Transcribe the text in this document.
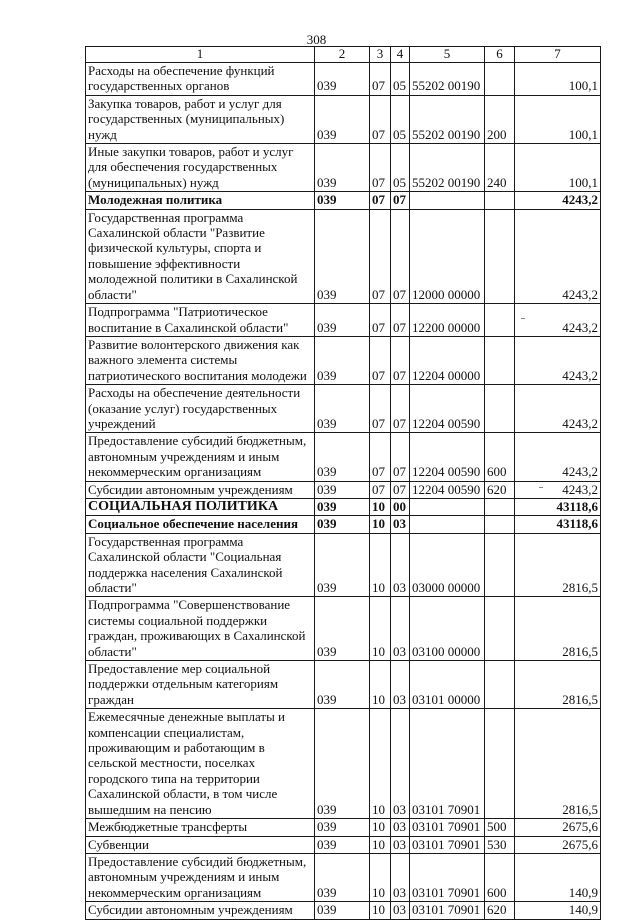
308
1	2	3	4	5	6	7
Расходы на обеспечение функций государственных органов	039	07	05	55202 00190		100,1
Закупка товаров, работ и услуг для государственных (муниципальных) нужд	039	07	05	55202 00190	200	100,1
Иные закупки товаров, работ и услуг для обеспечения государственных (муниципальных) нужд	039	07	05	55202 00190	240	100,1
Молодежная политика	039	07	07			4243,2
Государственная программа Сахалинской области "Развитие физической культуры, спорта и повышение эффективности молодежной политики в Сахалинской области"	039	07	07	12000 00000		4243,2
Подпрограмма "Патриотическое воспитание в Сахалинской области"	039	07	07	12200 00000		4243,2
Развитие волонтерского движения как важного элемента системы патриотического воспитания молодежи	039	07	07	12204 00000		4243,2
Расходы на обеспечение деятельности (оказание услуг) государственных учреждений	039	07	07	12204 00590		4243,2
Предоставление субсидий бюджетным, автономным учреждениям и иным некоммерческим организациям	039	07	07	12204 00590	600	4243,2
Субсидии автономным учреждениям	039	07	07	12204 00590	620	4243,2
СОЦИАЛЬНАЯ ПОЛИТИКА	039	10	00			43118,6
Социальное обеспечение населения	039	10	03			43118,6
Государственная программа Сахалинской области "Социальная поддержка населения Сахалинской области"	039	10	03	03000 00000		2816,5
Подпрограмма "Совершенствование системы социальной поддержки граждан, проживающих в Сахалинской области"	039	10	03	03100 00000		2816,5
Предоставление мер социальной поддержки отдельным категориям граждан	039	10	03	03101 00000		2816,5
Ежемесячные денежные выплаты и компенсации специалистам, проживающим и работающим в сельской местности, поселках городского типа на территории Сахалинской области, в том числе вышедшим на пенсию	039	10	03	03101 70901		2816,5
Межбюджетные трансферты	039	10	03	03101 70901	500	2675,6
Субвенции	039	10	03	03101 70901	530	2675,6
Предоставление субсидий бюджетным, автономным учреждениям и иным некоммерческим организациям	039	10	03	03101 70901	600	140,9
Субсидии автономным учреждениям	039	10	03	03101 70901	620	140,9
